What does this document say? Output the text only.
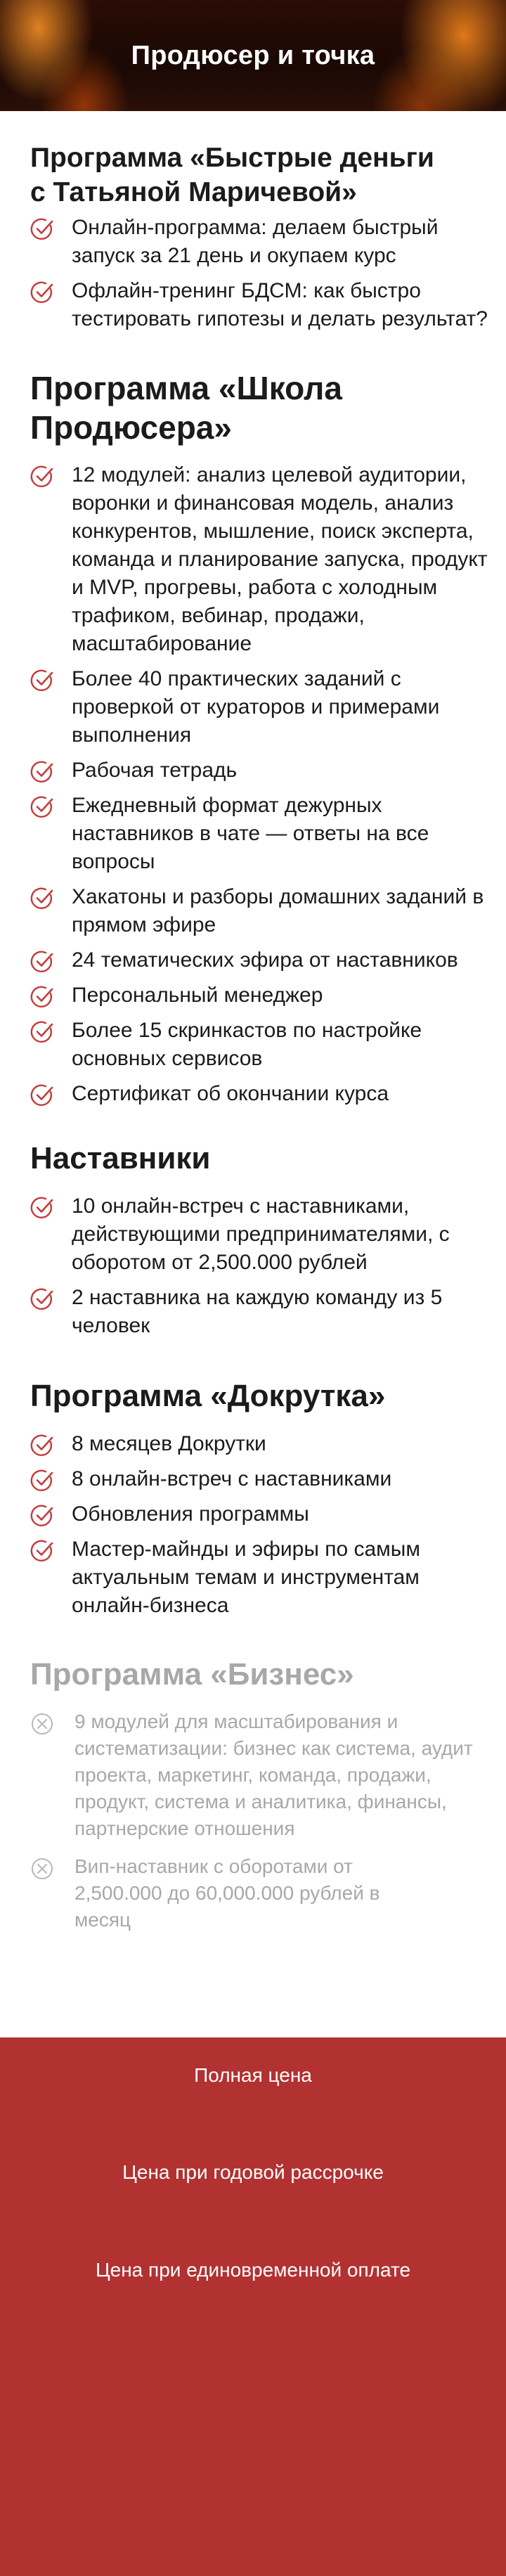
Продюсер и точка
Программа «Быстрые деньги с Татьяной Маричевой»
Онлайн-программа: делаем быстрый запуск за 21 день и окупаем курс
Офлайн-тренинг БДСМ: как быстро тестировать гипотезы и делать результат?
Программа «Школа Продюсера»
12 модулей: анализ целевой аудитории, воронки и финансовая модель, анализ конкурентов, мышление, поиск эксперта, команда и планирование запуска, продукт и MVP, прогревы, работа с холодным трафиком, вебинар, продажи, масштабирование
Более 40 практических заданий с проверкой от кураторов и примерами выполнения
Рабочая тетрадь
Ежедневный формат дежурных наставников в чате — ответы на все вопросы
Хакатоны и разборы домашних заданий в прямом эфире
24 тематических эфира от наставников
Персональный менеджер
Более 15 скринкастов по настройке основных сервисов
Сертификат об окончании курса
Наставники
10 онлайн-встреч с наставниками, действующими предпринимателями, с оборотом от 2,500.000 рублей
2 наставника на каждую команду из 5 человек
Программа «Докрутка»
8 месяцев Докрутки
8 онлайн-встреч с наставниками
Обновления программы
Мастер-майнды и эфиры по самым актуальным темам и инструментам онлайн-бизнеса
Программа «Бизнес»
9 модулей для масштабирования и систематизации: бизнес как система, аудит проекта, маркетинг, команда, продажи, продукт, система и аналитика, финансы, партнерские отношения
Вип-наставник с оборотами от 2,500.000 до 60,000.000 рублей в месяц
Полная цена
Цена при годовой рассрочке
Цена при единовременной оплате
